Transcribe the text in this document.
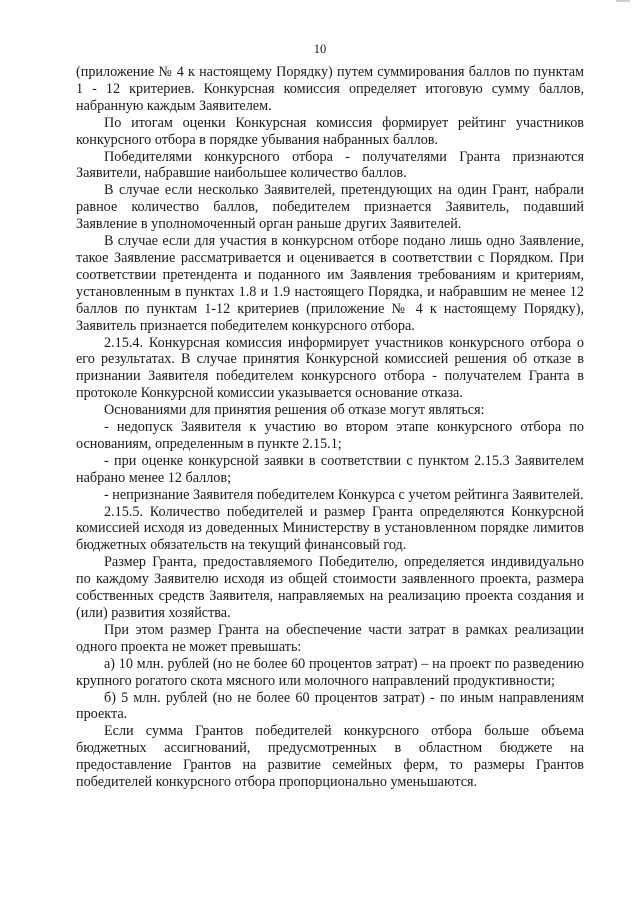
10

(приложение № 4 к настоящему Порядку) путем суммирования баллов по пунктам 1 - 12 критериев. Конкурсная комиссия определяет итоговую сумму баллов, набранную каждым Заявителем.

По итогам оценки Конкурсная комиссия формирует рейтинг участников конкурсного отбора в порядке убывания набранных баллов.

Победителями конкурсного отбора - получателями Гранта признаются Заявители, набравшие наибольшее количество баллов.

В случае если несколько Заявителей, претендующих на один Грант, набрали равное количество баллов, победителем признается Заявитель, подавший Заявление в уполномоченный орган раньше других Заявителей.

В случае если для участия в конкурсном отборе подано лишь одно Заявление, такое Заявление рассматривается и оценивается в соответствии с Порядком. При соответствии претендента и поданного им Заявления требованиям и критериям, установленным в пунктах 1.8 и 1.9 настоящего Порядка, и набравшим не менее 12 баллов по пунктам 1-12 критериев (приложение № 4 к настоящему Порядку), Заявитель признается победителем конкурсного отбора.

2.15.4. Конкурсная комиссия информирует участников конкурсного отбора о его результатах. В случае принятия Конкурсной комиссией решения об отказе в признании Заявителя победителем конкурсного отбора - получателем Гранта в протоколе Конкурсной комиссии указывается основание отказа.

Основаниями для принятия решения об отказе могут являться:

- недопуск Заявителя к участию во втором этапе конкурсного отбора по основаниям, определенным в пункте 2.15.1;

- при оценке конкурсной заявки в соответствии с пунктом 2.15.3 Заявителем набрано менее 12 баллов;

- непризнание Заявителя победителем Конкурса с учетом рейтинга Заявителей.

2.15.5. Количество победителей и размер Гранта определяются Конкурсной комиссией исходя из доведенных Министерству в установленном порядке лимитов бюджетных обязательств на текущий финансовый год.

Размер Гранта, предоставляемого Победителю, определяется индивидуально по каждому Заявителю исходя из общей стоимости заявленного проекта, размера собственных средств Заявителя, направляемых на реализацию проекта создания и (или) развития хозяйства.

При этом размер Гранта на обеспечение части затрат в рамках реализации одного проекта не может превышать:

а) 10 млн. рублей (но не более 60 процентов затрат) – на проект по разведению крупного рогатого скота мясного или молочного направлений продуктивности;

б) 5 млн. рублей (но не более 60 процентов затрат) - по иным направлениям проекта.

Если сумма Грантов победителей конкурсного отбора больше объема бюджетных ассигнований, предусмотренных в областном бюджете на предоставление Грантов на развитие семейных ферм, то размеры Грантов победителей конкурсного отбора пропорционально уменьшаются.
